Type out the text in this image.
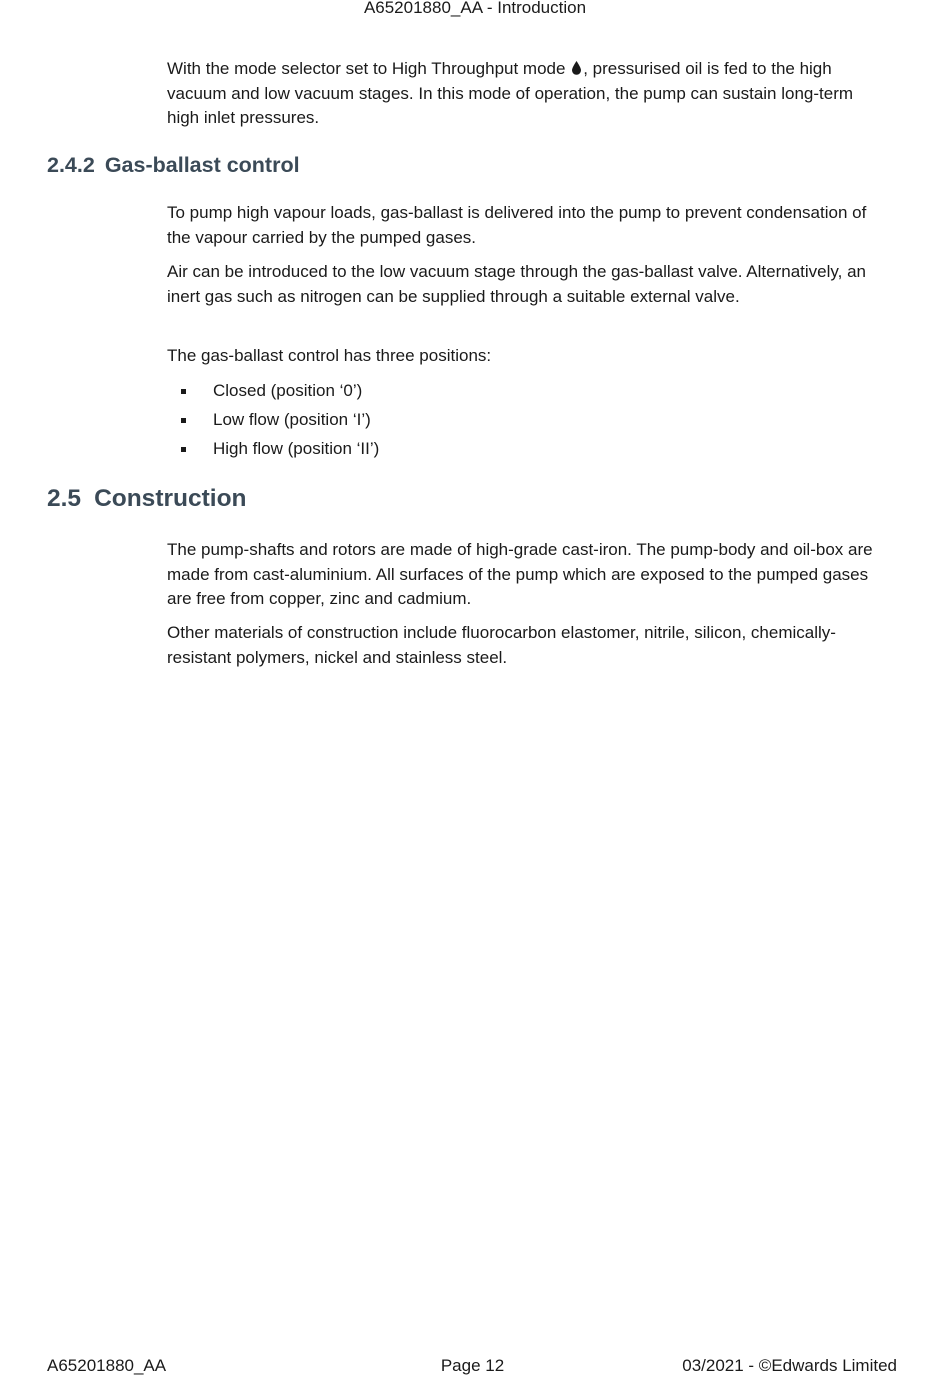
A65201880_AA - Introduction

With the mode selector set to High Throughput mode , pressurised oil is fed to the high vacuum and low vacuum stages. In this mode of operation, the pump can sustain long-term high inlet pressures.

2.4.2 Gas-ballast control

To pump high vapour loads, gas-ballast is delivered into the pump to prevent condensation of the vapour carried by the pumped gases.

Air can be introduced to the low vacuum stage through the gas-ballast valve. Alternatively, an inert gas such as nitrogen can be supplied through a suitable external valve.

The gas-ballast control has three positions:

Closed (position ‘0’)
Low flow (position ‘I’)
High flow (position ‘II’)
2.5 Construction

The pump-shafts and rotors are made of high-grade cast-iron. The pump-body and oil-box are made from cast-aluminium. All surfaces of the pump which are exposed to the pumped gases are free from copper, zinc and cadmium.

Other materials of construction include fluorocarbon elastomer, nitrile, silicon, chemically-resistant polymers, nickel and stainless steel.

A65201880_AA	Page 12	03/2021 - ©Edwards Limited
